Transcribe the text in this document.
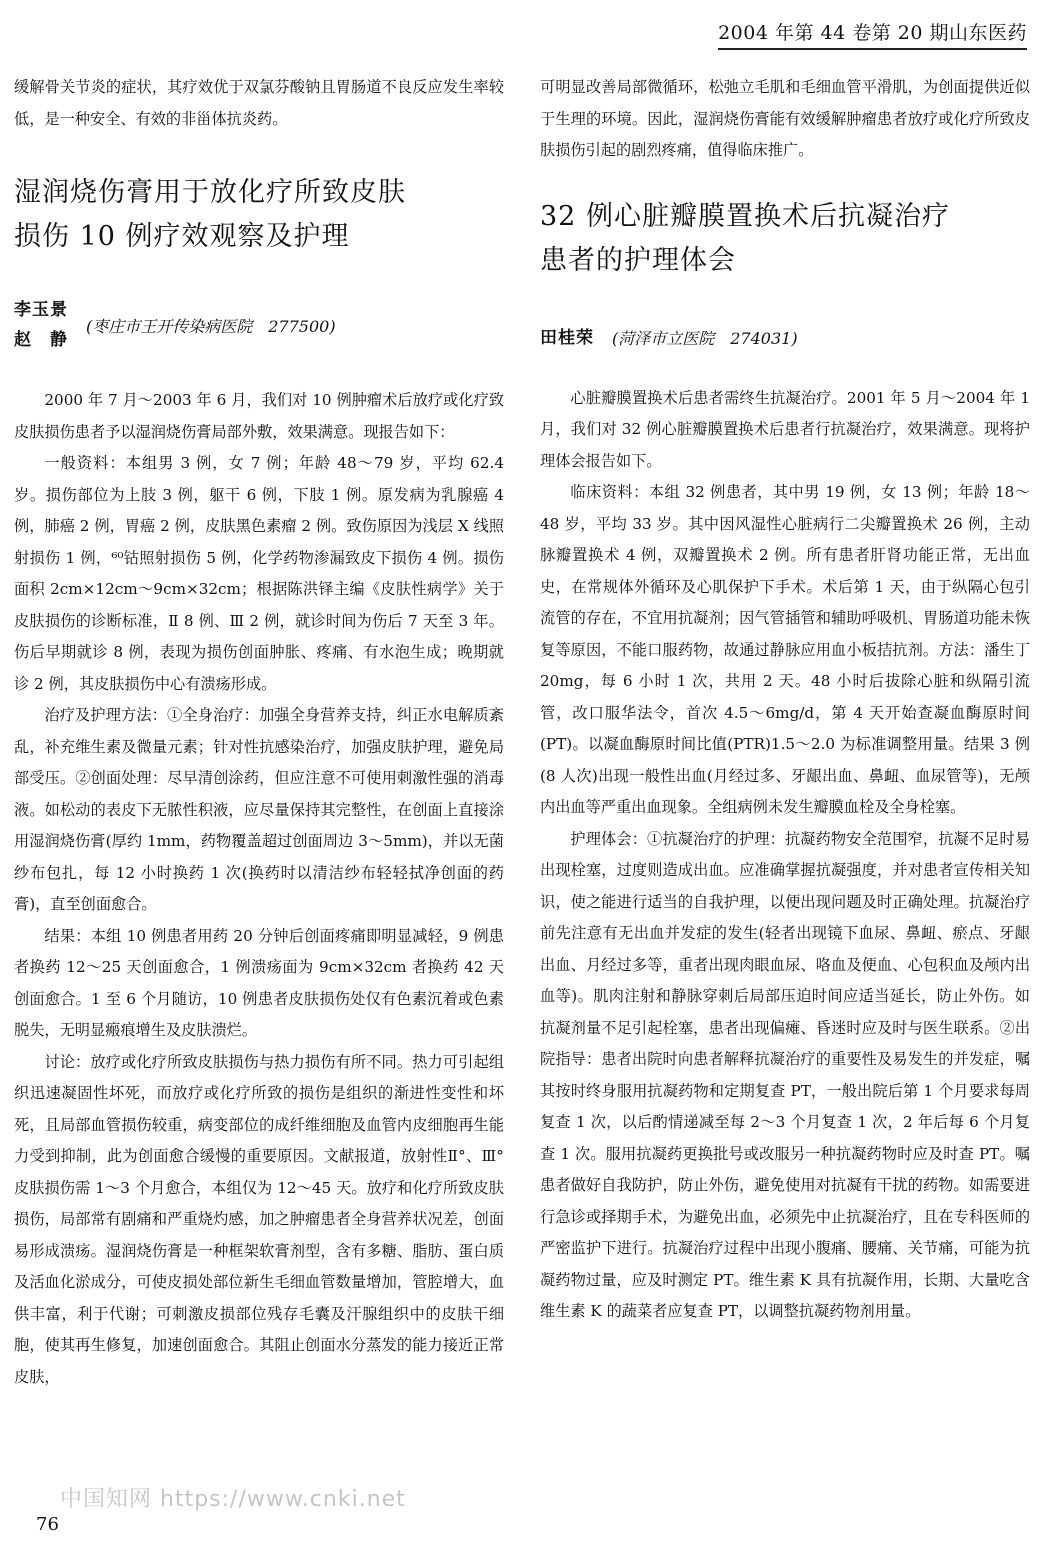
2004 年第 44 卷第 20 期山东医药

缓解骨关节炎的症状，其疗效优于双氯芬酸钠且胃肠道不良反应发生率较低，是一种安全、有效的非甾体抗炎药。

湿润烧伤膏用于放化疗所致皮肤
损伤 10 例疗效观察及护理
李玉景
赵　静
(枣庄市王开传染病医院　277500)

2000 年 7 月～2003 年 6 月，我们对 10 例肿瘤术后放疗或化疗致皮肤损伤患者予以湿润烧伤膏局部外敷，效果满意。现报告如下：

一般资料：本组男 3 例，女 7 例；年龄 48～79 岁，平均 62.4岁。损伤部位为上肢 3 例，躯干 6 例，下肢 1 例。原发病为乳腺癌 4 例，肺癌 2 例，胃癌 2 例，皮肤黑色素瘤 2 例。致伤原因为浅层 X 线照射损伤 1 例，⁶⁰钴照射损伤 5 例，化学药物渗漏致皮下损伤 4 例。损伤面积 2cm×12cm～9cm×32cm；根据陈洪铎主编《皮肤性病学》关于皮肤损伤的诊断标准，Ⅱ 8 例、Ⅲ 2 例，就诊时间为伤后 7 天至 3 年。伤后早期就诊 8 例，表现为损伤创面肿胀、疼痛、有水泡生成；晚期就诊 2 例，其皮肤损伤中心有溃疡形成。

治疗及护理方法：①全身治疗：加强全身营养支持，纠正水电解质紊乱，补充维生素及微量元素；针对性抗感染治疗，加强皮肤护理，避免局部受压。②创面处理：尽早清创涂药，但应注意不可使用刺激性强的消毒液。如松动的表皮下无脓性积液，应尽量保持其完整性，在创面上直接涂用湿润烧伤膏(厚约 1mm，药物覆盖超过创面周边 3～5mm)，并以无菌纱布包扎，每 12 小时换药 1 次(换药时以清洁纱布轻轻拭净创面的药膏)，直至创面愈合。

结果：本组 10 例患者用药 20 分钟后创面疼痛即明显减轻，9 例患者换药 12～25 天创面愈合，1 例溃疡面为 9cm×32cm 者换药 42 天创面愈合。1 至 6 个月随访，10 例患者皮肤损伤处仅有色素沉着或色素脱失，无明显瘢痕增生及皮肤溃烂。

讨论：放疗或化疗所致皮肤损伤与热力损伤有所不同。热力可引起组织迅速凝固性坏死，而放疗或化疗所致的损伤是组织的渐进性变性和坏死，且局部血管损伤较重，病变部位的成纤维细胞及血管内皮细胞再生能力受到抑制，此为创面愈合缓慢的重要原因。文献报道，放射性Ⅱ°、Ⅲ°皮肤损伤需 1～3 个月愈合，本组仅为 12～45 天。放疗和化疗所致皮肤损伤，局部常有剧痛和严重烧灼感，加之肿瘤患者全身营养状况差，创面易形成溃疡。湿润烧伤膏是一种框架软膏剂型，含有多糖、脂肪、蛋白质及活血化淤成分，可使皮损处部位新生毛细血管数量增加，管腔增大，血供丰富，利于代谢；可刺激皮损部位残存毛囊及汗腺组织中的皮肤干细胞，使其再生修复，加速创面愈合。其阻止创面水分蒸发的能力接近正常皮肤，

可明显改善局部微循环，松弛立毛肌和毛细血管平滑肌，为创面提供近似于生理的环境。因此，湿润烧伤膏能有效缓解肿瘤患者放疗或化疗所致皮肤损伤引起的剧烈疼痛，值得临床推广。

32 例心脏瓣膜置换术后抗凝治疗
患者的护理体会
田桂荣 (菏泽市立医院　274031)

心脏瓣膜置换术后患者需终生抗凝治疗。2001 年 5 月～2004 年 1 月，我们对 32 例心脏瓣膜置换术后患者行抗凝治疗，效果满意。现将护理体会报告如下。

临床资料：本组 32 例患者，其中男 19 例，女 13 例；年龄 18～48 岁，平均 33 岁。其中因风湿性心脏病行二尖瓣置换术 26 例，主动脉瓣置换术 4 例，双瓣置换术 2 例。所有患者肝肾功能正常，无出血史，在常规体外循环及心肌保护下手术。术后第 1 天，由于纵隔心包引流管的存在，不宜用抗凝剂；因气管插管和辅助呼吸机、胃肠道功能未恢复等原因，不能口服药物，故通过静脉应用血小板拮抗剂。方法：潘生丁 20mg，每 6 小时 1 次，共用 2 天。48 小时后拔除心脏和纵隔引流管，改口服华法令，首次 4.5～6mg/d，第 4 天开始查凝血酶原时间(PT)。以凝血酶原时间比值(PTR)1.5～2.0 为标准调整用量。结果 3 例(8 人次)出现一般性出血(月经过多、牙龈出血、鼻衄、血尿管等)，无颅内出血等严重出血现象。全组病例未发生瓣膜血栓及全身栓塞。

护理体会：①抗凝治疗的护理：抗凝药物安全范围窄，抗凝不足时易出现栓塞，过度则造成出血。应准确掌握抗凝强度，并对患者宣传相关知识，使之能进行适当的自我护理，以便出现问题及时正确处理。抗凝治疗前先注意有无出血并发症的发生(轻者出现镜下血尿、鼻衄、瘀点、牙龈出血、月经过多等，重者出现肉眼血尿、咯血及便血、心包积血及颅内出血等)。肌肉注射和静脉穿刺后局部压迫时间应适当延长，防止外伤。如抗凝剂量不足引起栓塞，患者出现偏瘫、昏迷时应及时与医生联系。②出院指导：患者出院时向患者解释抗凝治疗的重要性及易发生的并发症，嘱其按时终身服用抗凝药物和定期复查 PT，一般出院后第 1 个月要求每周复查 1 次，以后酌情递减至每 2～3 个月复查 1 次，2 年后每 6 个月复查 1 次。服用抗凝药更换批号或改服另一种抗凝药物时应及时查 PT。嘱患者做好自我防护，防止外伤，避免使用对抗凝有干扰的药物。如需要进行急诊或择期手术，为避免出血，必须先中止抗凝治疗，且在专科医师的严密监护下进行。抗凝治疗过程中出现小腹痛、腰痛、关节痛，可能为抗凝药物过量，应及时测定 PT。维生素 K 具有抗凝作用，长期、大量吃含维生素 K 的蔬菜者应复查 PT，以调整抗凝药物剂用量。

中国知网 https://www.cnki.net
76
